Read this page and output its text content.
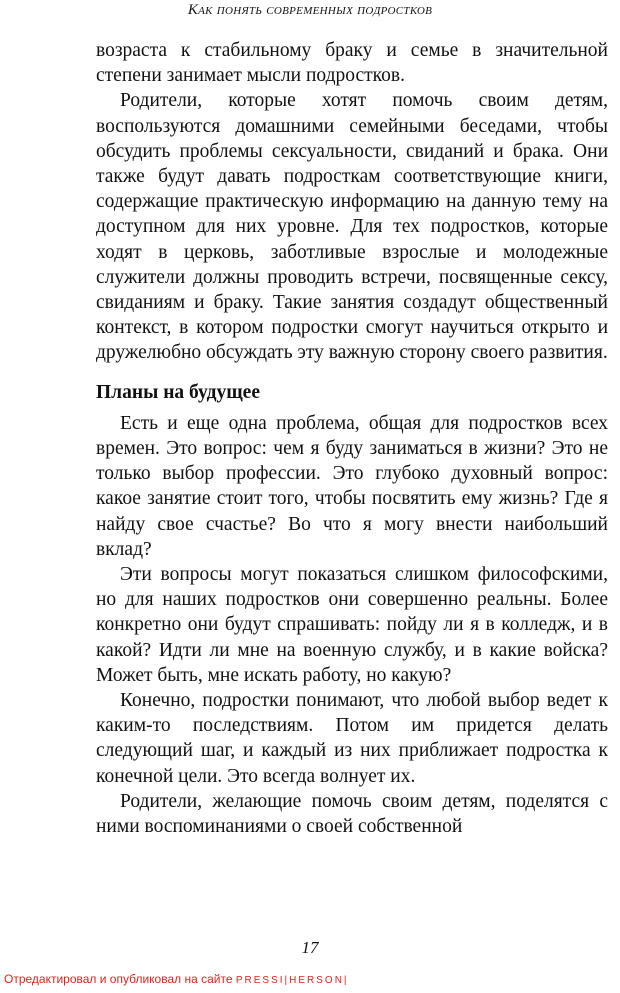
Как понять современных подростков

возраста к стабильному браку и семье в значительной степени занимает мысли подростков.

Родители, которые хотят помочь своим детям, воспользуются домашними семейными беседами, чтобы обсудить проблемы сексуальности, свиданий и брака. Они также будут давать подросткам соответствующие книги, содержащие практическую информацию на данную тему на доступном для них уровне. Для тех подростков, которые ходят в церковь, заботливые взрослые и молодежные служители должны проводить встречи, посвященные сексу, свиданиям и браку. Такие занятия создадут общественный контекст, в котором подростки смогут научиться открыто и дружелюбно обсуждать эту важную сторону своего развития.

Планы на будущее

Есть и еще одна проблема, общая для подростков всех времен. Это вопрос: чем я буду заниматься в жизни? Это не только выбор профессии. Это глубоко духовный вопрос: какое занятие стоит того, чтобы посвятить ему жизнь? Где я найду свое счастье? Во что я могу внести наибольший вклад?

Эти вопросы могут показаться слишком философскими, но для наших подростков они совершенно реальны. Более конкретно они будут спрашивать: пойду ли я в колледж, и в какой? Идти ли мне на военную службу, и в какие войска? Может быть, мне искать работу, но какую?

Конечно, подростки понимают, что любой выбор ведет к каким-то последствиям. Потом им придется делать следующий шаг, и каждый из них приближает подростка к конечной цели. Это всегда волнует их.

Родители, желающие помочь своим детям, поделятся с ними воспоминаниями о своей собственной

17
Отредактировал и опубликовал на сайте PRESSI|HERSON|
